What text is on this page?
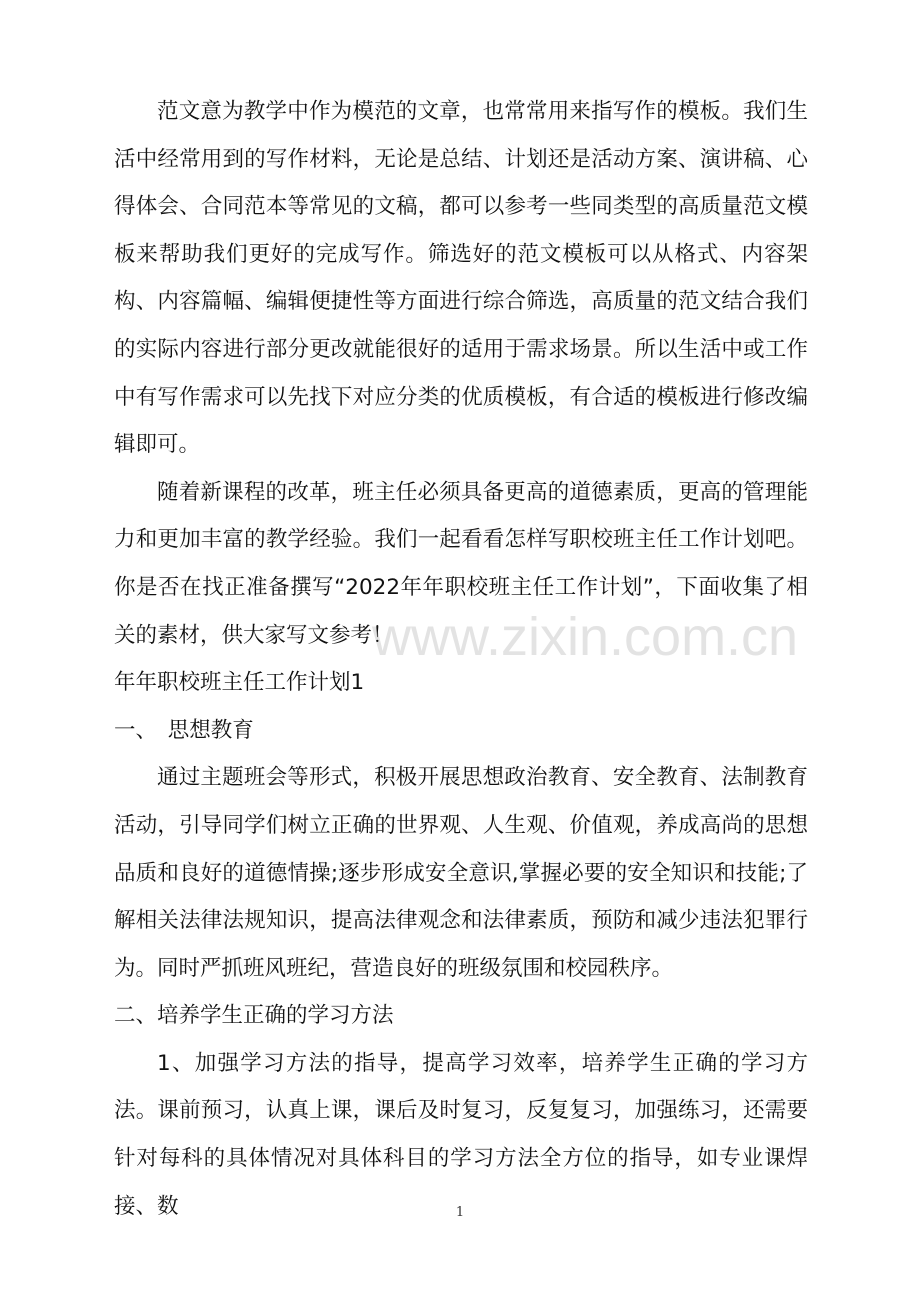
www.zixin.com.cn

范文意为教学中作为模范的文章，也常常用来指写作的模板。我们生活中经常用到的写作材料，无论是总结、计划还是活动方案、演讲稿、心得体会、合同范本等常见的文稿，都可以参考一些同类型的高质量范文模板来帮助我们更好的完成写作。筛选好的范文模板可以从格式、内容架构、内容篇幅、编辑便捷性等方面进行综合筛选，高质量的范文结合我们的实际内容进行部分更改就能很好的适用于需求场景。所以生活中或工作中有写作需求可以先找下对应分类的优质模板，有合适的模板进行修改编辑即可。

随着新课程的改革，班主任必须具备更高的道德素质，更高的管理能力和更加丰富的教学经验。我们一起看看怎样写职校班主任工作计划吧。你是否在找正准备撰写“2022年年职校班主任工作计划”，下面收集了相关的素材，供大家写文参考！

年年职校班主任工作计划1

一、　思想教育

通过主题班会等形式，积极开展思想政治教育、安全教育、法制教育活动，引导同学们树立正确的世界观、人生观、价值观，养成高尚的思想品质和良好的道德情操;逐步形成安全意识,掌握必要的安全知识和技能;了解相关法律法规知识，提高法律观念和法律素质，预防和减少违法犯罪行为。同时严抓班风班纪，营造良好的班级氛围和校园秩序。

二、培养学生正确的学习方法

1、加强学习方法的指导，提高学习效率，培养学生正确的学习方法。课前预习，认真上课，课后及时复习，反复复习，加强练习，还需要针对每科的具体情况对具体科目的学习方法全方位的指导，如专业课焊接、数	1
